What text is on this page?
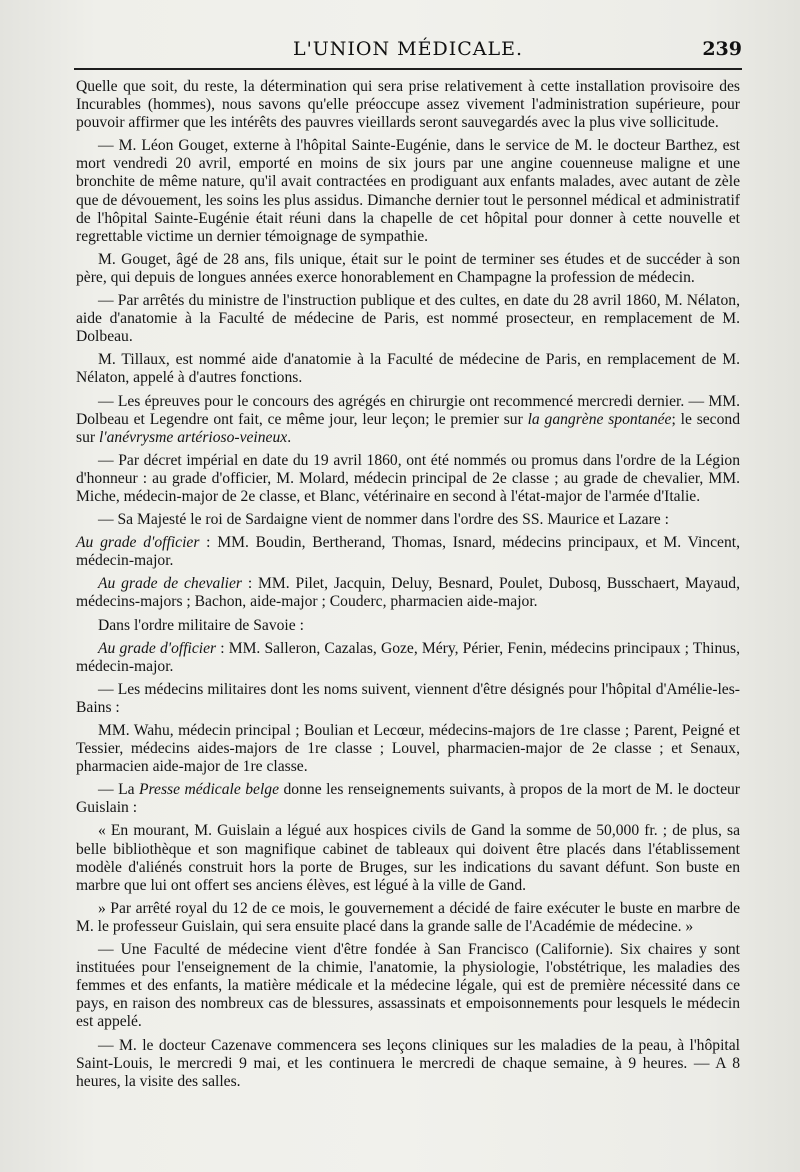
L'UNION MÉDICALE.	239

Quelle que soit, du reste, la détermination qui sera prise relativement à cette installation provisoire des Incurables (hommes), nous savons qu'elle préoccupe assez vivement l'administration supérieure, pour pouvoir affirmer que les intérêts des pauvres vieillards seront sauvegardés avec la plus vive sollicitude.

— M. Léon Gouget, externe à l'hôpital Sainte-Eugénie, dans le service de M. le docteur Barthez, est mort vendredi 20 avril, emporté en moins de six jours par une angine couenneuse maligne et une bronchite de même nature, qu'il avait contractées en prodiguant aux enfants malades, avec autant de zèle que de dévouement, les soins les plus assidus. Dimanche dernier tout le personnel médical et administratif de l'hôpital Sainte-Eugénie était réuni dans la chapelle de cet hôpital pour donner à cette nouvelle et regrettable victime un dernier témoignage de sympathie.

M. Gouget, âgé de 28 ans, fils unique, était sur le point de terminer ses études et de succéder à son père, qui depuis de longues années exerce honorablement en Champagne la profession de médecin.

— Par arrêtés du ministre de l'instruction publique et des cultes, en date du 28 avril 1860, M. Nélaton, aide d'anatomie à la Faculté de médecine de Paris, est nommé prosecteur, en remplacement de M. Dolbeau.

M. Tillaux, est nommé aide d'anatomie à la Faculté de médecine de Paris, en remplacement de M. Nélaton, appelé à d'autres fonctions.

— Les épreuves pour le concours des agrégés en chirurgie ont recommencé mercredi dernier. — MM. Dolbeau et Legendre ont fait, ce même jour, leur leçon; le premier sur la gangrène spontanée; le second sur l'anévrysme artérioso-veineux.

— Par décret impérial en date du 19 avril 1860, ont été nommés ou promus dans l'ordre de la Légion d'honneur : au grade d'officier, M. Molard, médecin principal de 2e classe ; au grade de chevalier, MM. Miche, médecin-major de 2e classe, et Blanc, vétérinaire en second à l'état-major de l'armée d'Italie.

— Sa Majesté le roi de Sardaigne vient de nommer dans l'ordre des SS. Maurice et Lazare :

Au grade d'officier : MM. Boudin, Bertherand, Thomas, Isnard, médecins principaux, et M. Vincent, médecin-major.

Au grade de chevalier : MM. Pilet, Jacquin, Deluy, Besnard, Poulet, Dubosq, Busschaert, Mayaud, médecins-majors ; Bachon, aide-major ; Couderc, pharmacien aide-major.

Dans l'ordre militaire de Savoie :

Au grade d'officier : MM. Salleron, Cazalas, Goze, Méry, Périer, Fenin, médecins principaux ; Thinus, médecin-major.

— Les médecins militaires dont les noms suivent, viennent d'être désignés pour l'hôpital d'Amélie-les-Bains :

MM. Wahu, médecin principal ; Boulian et Lecœur, médecins-majors de 1re classe ; Parent, Peigné et Tessier, médecins aides-majors de 1re classe ; Louvel, pharmacien-major de 2e classe ; et Senaux, pharmacien aide-major de 1re classe.

— La Presse médicale belge donne les renseignements suivants, à propos de la mort de M. le docteur Guislain :

« En mourant, M. Guislain a légué aux hospices civils de Gand la somme de 50,000 fr. ; de plus, sa belle bibliothèque et son magnifique cabinet de tableaux qui doivent être placés dans l'établissement modèle d'aliénés construit hors la porte de Bruges, sur les indications du savant défunt. Son buste en marbre que lui ont offert ses anciens élèves, est légué à la ville de Gand.

» Par arrêté royal du 12 de ce mois, le gouvernement a décidé de faire exécuter le buste en marbre de M. le professeur Guislain, qui sera ensuite placé dans la grande salle de l'Académie de médecine. »

— Une Faculté de médecine vient d'être fondée à San Francisco (Californie). Six chaires y sont instituées pour l'enseignement de la chimie, l'anatomie, la physiologie, l'obstétrique, les maladies des femmes et des enfants, la matière médicale et la médecine légale, qui est de première nécessité dans ce pays, en raison des nombreux cas de blessures, assassinats et empoisonnements pour lesquels le médecin est appelé.

— M. le docteur Cazenave commencera ses leçons cliniques sur les maladies de la peau, à l'hôpital Saint-Louis, le mercredi 9 mai, et les continuera le mercredi de chaque semaine, à 9 heures. — A 8 heures, la visite des salles.
